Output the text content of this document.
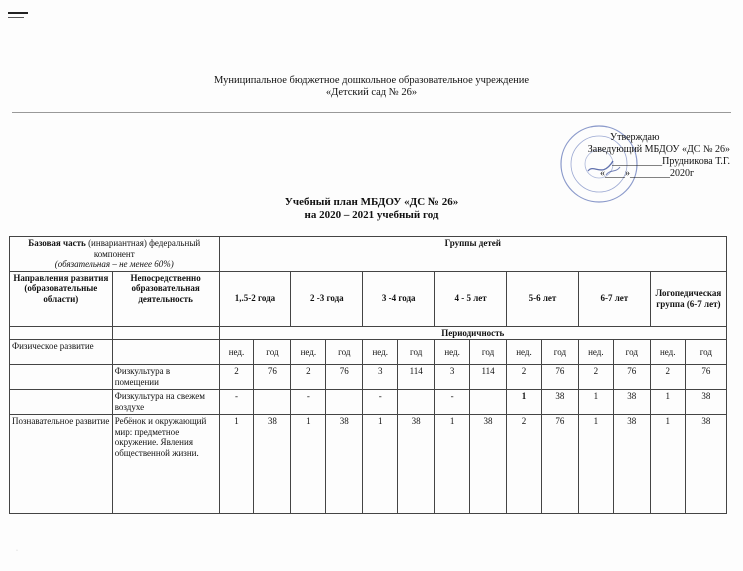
Муниципальное бюджетное дошкольное образовательное учреждение
«Детский сад № 26»
Утверждаю
Заведующий МБДОУ «ДС № 26»
__________Прудникова Т.Г.
«____»________2020г
Учебный план МБДОУ «ДС № 26»
на 2020 – 2021 учебный год
Базовая часть (инвариантная) федеральный компонент
(обязательная – не менее 60%)		Группы детей													
Направления развития (образовательные области)	Непосредственно образовательная деятельность	1,.5-2 года		2 -3 года		3 -4 года		4 - 5 лет		5-6 лет		6-7 лет		Логопедическая группа (6-7 лет)	
		Периодичность													
Физическое развитие		нед.	год	нед.	год	нед.	год	нед.	год	нед.	год	нед.	год	нед.	год
	Физкультура в помещении	2	76	2	76	3	114	3	114	2	76	2	76	2	76
	Физкультура на свежем воздухе	-		-		-		-		1	38	1	38	1	38
Познавательное развитие	Ребёнок и окружающий мир: предметное окружение. Явления общественной жизни.	1	38	1	38	1	38	1	38	2	76	1	38	1	38
·
